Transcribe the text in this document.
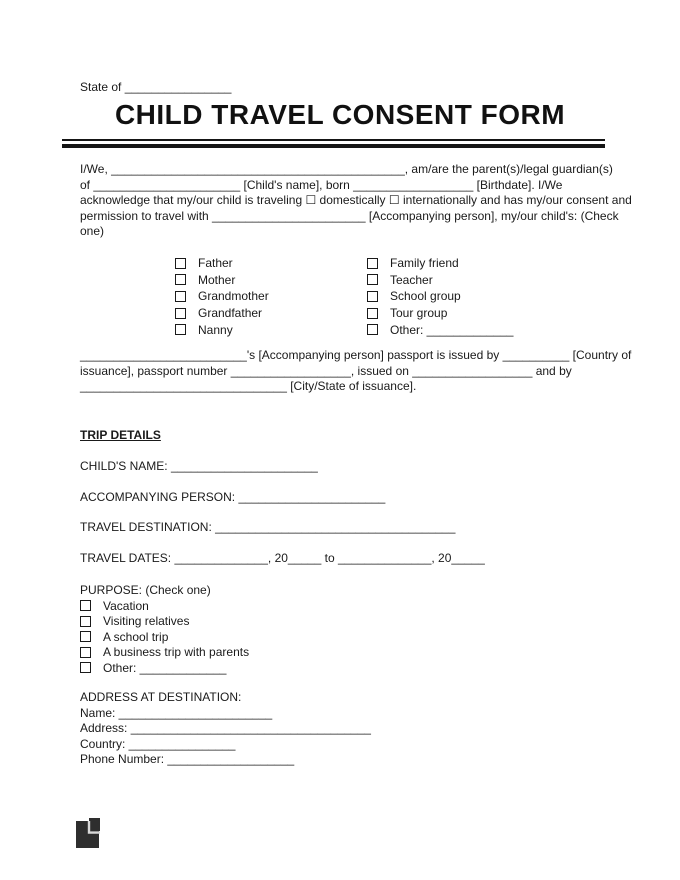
State of ________________
CHILD TRAVEL CONSENT FORM
I/We, ____________________________________________, am/are the parent(s)/legal guardian(s)
of ______________________ [Child's name], born __________________ [Birthdate]. I/We
acknowledge that my/our child is traveling ☐ domestically ☐ internationally and has my/our consent and
permission to travel with _______________________ [Accompanying person], my/our child's: (Check
one)
Father
Mother
Grandmother
Grandfather
Nanny
Family friend
Teacher
School group
Tour group
Other: _____________
_________________________'s [Accompanying person] passport is issued by __________ [Country of
issuance], passport number __________________, issued on __________________ and by
_______________________________ [City/State of issuance].
TRIP DETAILS
CHILD'S NAME: ______________________
ACCOMPANYING PERSON: ______________________
TRAVEL DESTINATION: ____________________________________
TRAVEL DATES: ______________, 20_____ to ______________, 20_____
PURPOSE: (Check one)
Vacation
Visiting relatives
A school trip
A business trip with parents
Other: _____________
ADDRESS AT DESTINATION:
Name: _______________________
Address: ____________________________________
Country: ________________
Phone Number: ___________________
